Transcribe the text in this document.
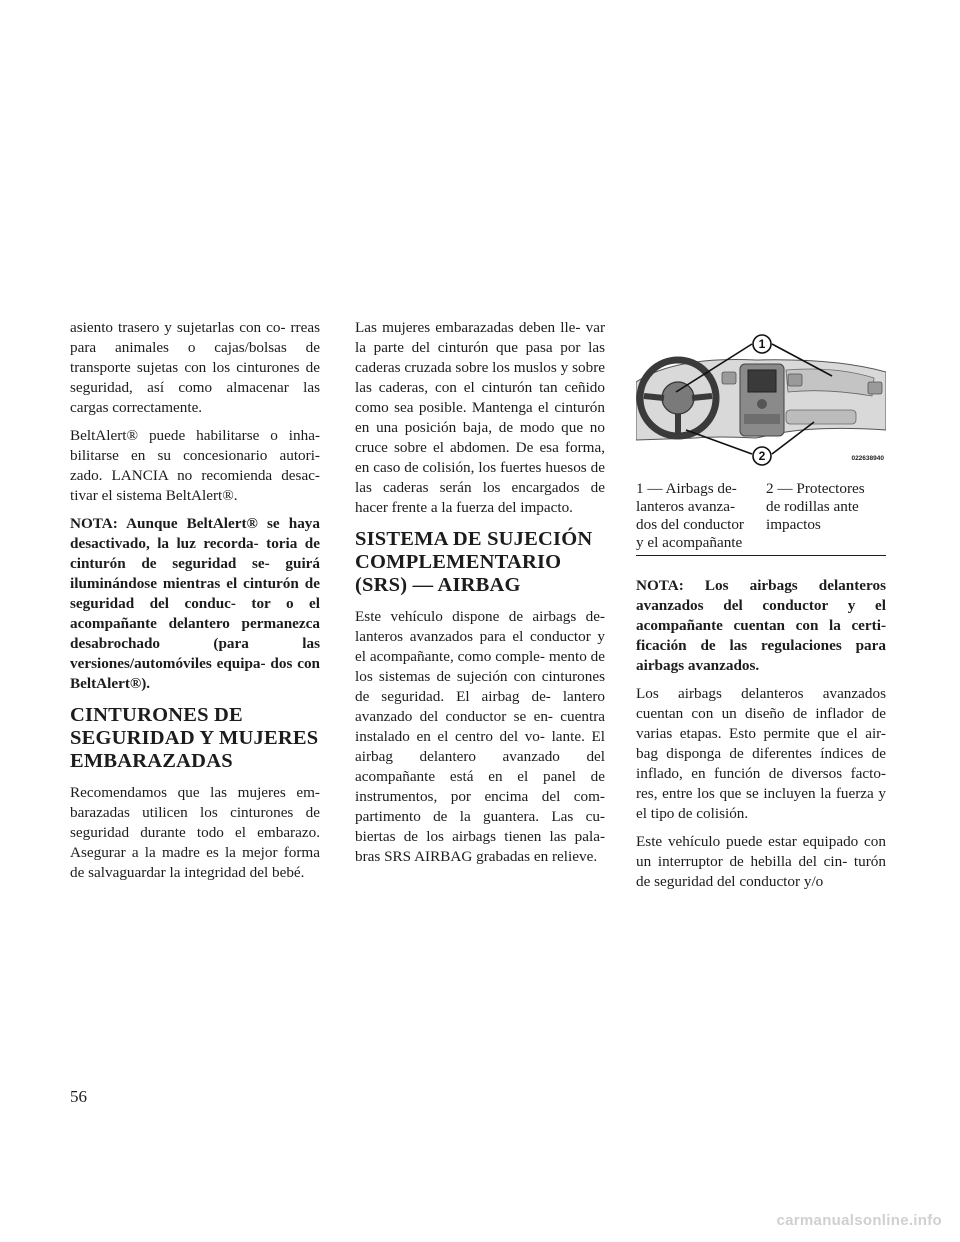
asiento trasero y sujetarlas con co- rreas para animales o cajas/bolsas de transporte sujetas con los cinturones de seguridad, así como almacenar las cargas correctamente.

BeltAlert® puede habilitarse o inha- bilitarse en su concesionario autori- zado. LANCIA no recomienda desac- tivar el sistema BeltAlert®.

NOTA: Aunque BeltAlert® se haya desactivado, la luz recorda- toria de cinturón de seguridad se- guirá iluminándose mientras el cinturón de seguridad del conduc- tor o el acompañante delantero permanezca desabrochado (para las versiones/automóviles equipa- dos con BeltAlert®).

CINTURONES DE SEGURIDAD Y MUJERES EMBARAZADAS

Recomendamos que las mujeres em- barazadas utilicen los cinturones de seguridad durante todo el embarazo. Asegurar a la madre es la mejor forma de salvaguardar la integridad del bebé.

Las mujeres embarazadas deben lle- var la parte del cinturón que pasa por las caderas cruzada sobre los muslos y sobre las caderas, con el cinturón tan ceñido como sea posible. Mantenga el cinturón en una posición baja, de modo que no cruce sobre el abdomen. De esa forma, en caso de colisión, los fuertes huesos de las caderas serán los encargados de hacer frente a la fuerza del impacto.

SISTEMA DE SUJECIÓN COMPLEMENTARIO (SRS) — AIRBAG

Este vehículo dispone de airbags de- lanteros avanzados para el conductor y el acompañante, como comple- mento de los sistemas de sujeción con cinturones de seguridad. El airbag de- lantero avanzado del conductor se en- cuentra instalado en el centro del vo- lante. El airbag delantero avanzado del acompañante está en el panel de instrumentos, por encima del com- partimento de la guantera. Las cu- biertas de los airbags tienen las pala- bras SRS AIRBAG grabadas en relieve.

1
2	022638940
1 — Airbags de-
lanteros avanza-
dos del conductor
y el acompañante
2 — Protectores
de rodillas ante
impactos

NOTA: Los airbags delanteros avanzados del conductor y el acompañante cuentan con la certi- ficación de las regulaciones para airbags avanzados.

Los airbags delanteros avanzados cuentan con un diseño de inflador de varias etapas. Esto permite que el air- bag disponga de diferentes índices de inflado, en función de diversos facto- res, entre los que se incluyen la fuerza y el tipo de colisión.

Este vehículo puede estar equipado con un interruptor de hebilla del cin- turón de seguridad del conductor y/o

56
carmanualsonline.info
